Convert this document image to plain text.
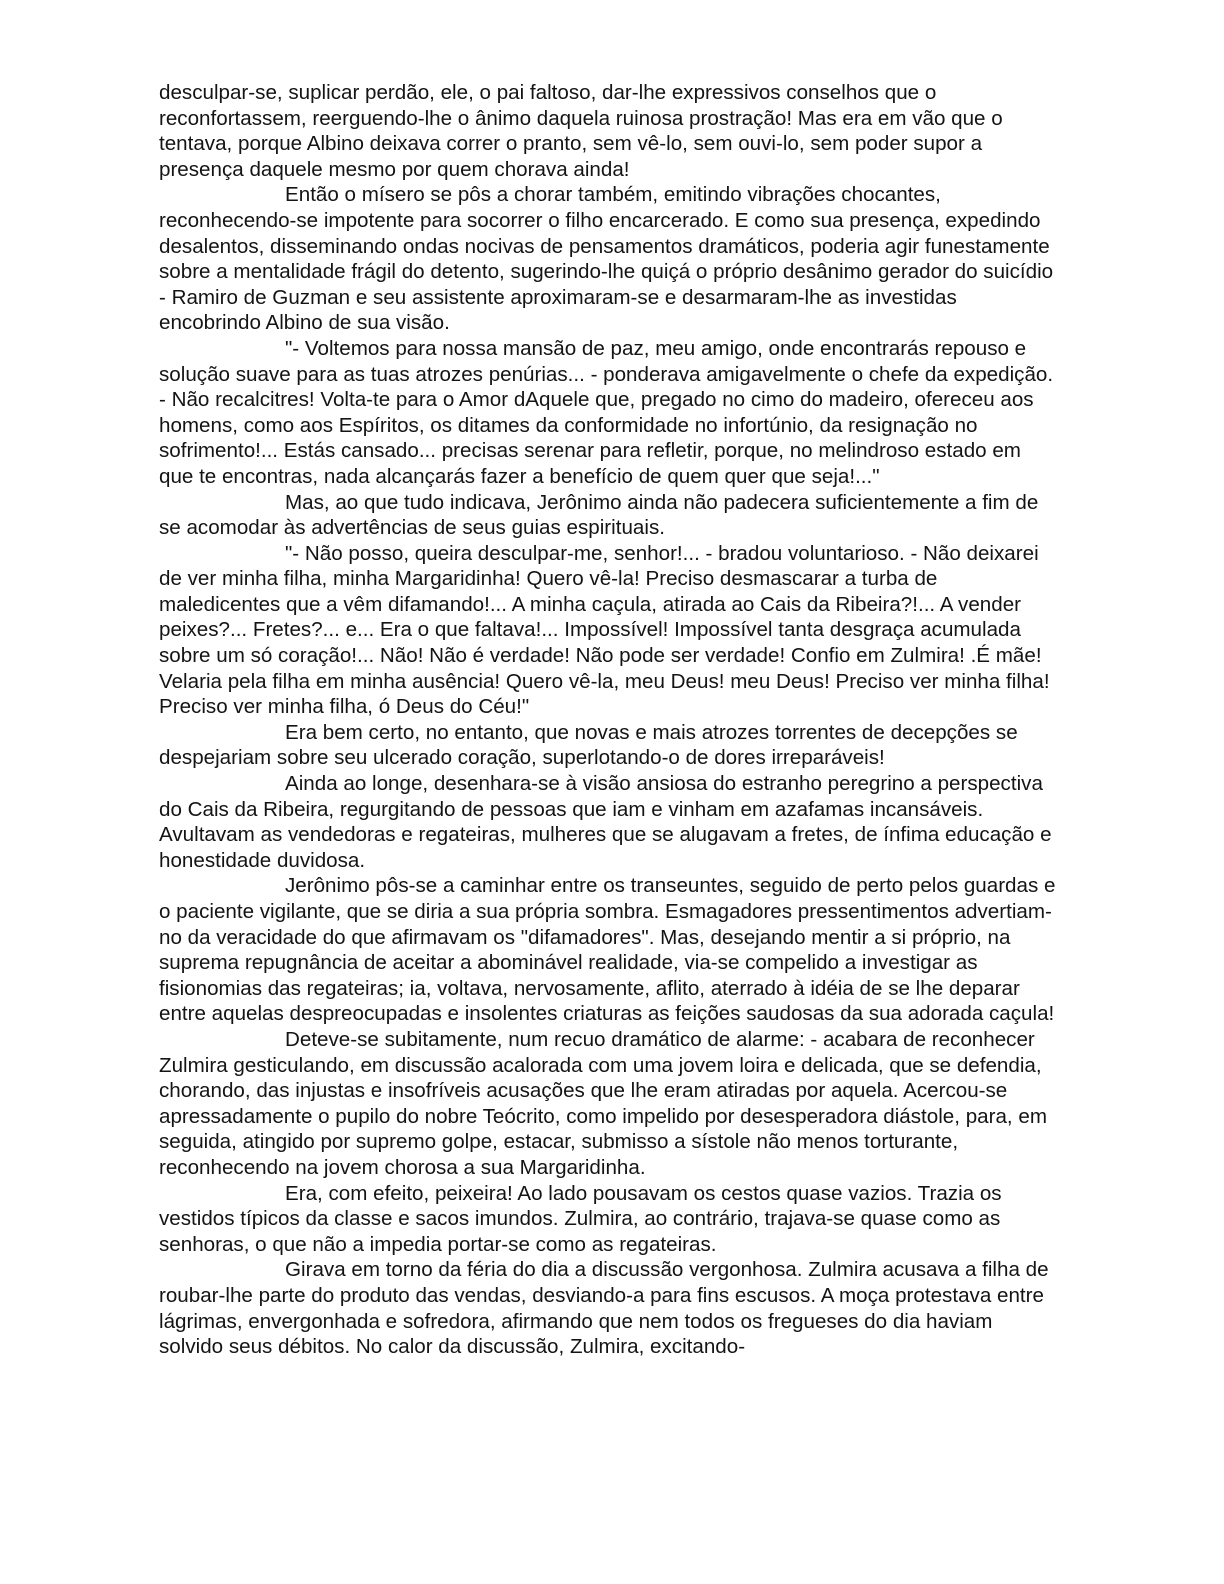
desculpar-se, suplicar perdão, ele, o pai faltoso, dar-lhe expressivos conselhos que o reconfortassem, reerguendo-lhe o ânimo daquela ruinosa prostração! Mas era em vão que o tentava, porque Albino deixava correr o pranto, sem vê-lo, sem ouvi-lo, sem poder supor a presença daquele mesmo por quem chorava ainda!

Então o mísero se pôs a chorar também, emitindo vibrações chocantes, reconhecendo-se impotente para socorrer o filho encarcerado. E como sua presença, expedindo desalentos, disseminando ondas nocivas de pensamentos dramáticos, poderia agir funestamente sobre a mentalidade frágil do detento, sugerindo-lhe quiçá o próprio desânimo gerador do suicídio - Ramiro de Guzman e seu assistente aproximaram-se e desarmaram-lhe as investidas encobrindo Albino de sua visão.

"- Voltemos para nossa mansão de paz, meu amigo, onde encontrarás repouso e solução suave para as tuas atrozes penúrias... - ponderava amigavelmente o chefe da expedição. - Não recalcitres! Volta-te para o Amor dAquele que, pregado no cimo do madeiro, ofereceu aos homens, como aos Espíritos, os ditames da conformidade no infortúnio, da resignação no sofrimento!... Estás cansado... precisas serenar para refletir, porque, no melindroso estado em que te encontras, nada alcançarás fazer a benefício de quem quer que seja!..."

Mas, ao que tudo indicava, Jerônimo ainda não padecera suficientemente a fim de se acomodar às advertências de seus guias espirituais.

"- Não posso, queira desculpar-me, senhor!... - bradou voluntarioso. - Não deixarei de ver minha filha, minha Margaridinha! Quero vê-la! Preciso desmascarar a turba de maledicentes que a vêm difamando!... A minha caçula, atirada ao Cais da Ribeira?!... A vender peixes?... Fretes?... e... Era o que faltava!... Impossível! Impossível tanta desgraça acumulada sobre um só coração!... Não! Não é verdade! Não pode ser verdade! Confio em Zulmira! .É mãe! Velaria pela filha em minha ausência! Quero vê-la, meu Deus! meu Deus! Preciso ver minha filha! Preciso ver minha filha, ó Deus do Céu!"

Era bem certo, no entanto, que novas e mais atrozes torrentes de decepções se despejariam sobre seu ulcerado coração, superlotando-o de dores irreparáveis!

Ainda ao longe, desenhara-se à visão ansiosa do estranho peregrino a perspectiva do Cais da Ribeira, regurgitando de pessoas que iam e vinham em azafamas incansáveis. Avultavam as vendedoras e regateiras, mulheres que se alugavam a fretes, de ínfima educação e honestidade duvidosa.

Jerônimo pôs-se a caminhar entre os transeuntes, seguido de perto pelos guardas e o paciente vigilante, que se diria a sua própria sombra. Esmagadores pressentimentos advertiam-no da veracidade do que afirmavam os "difamadores". Mas, desejando mentir a si próprio, na suprema repugnância de aceitar a abominável realidade, via-se compelido a investigar as fisionomias das regateiras; ia, voltava, nervosamente, aflito, aterrado à idéia de se lhe deparar entre aquelas despreocupadas e insolentes criaturas as feições saudosas da sua adorada caçula!

Deteve-se subitamente, num recuo dramático de alarme: - acabara de reconhecer Zulmira gesticulando, em discussão acalorada com uma jovem loira e delicada, que se defendia, chorando, das injustas e insofríveis acusações que lhe eram atiradas por aquela. Acercou-se apressadamente o pupilo do nobre Teócrito, como impelido por desesperadora diástole, para, em seguida, atingido por supremo golpe, estacar, submisso a sístole não menos torturante, reconhecendo na jovem chorosa a sua Margaridinha.

Era, com efeito, peixeira! Ao lado pousavam os cestos quase vazios. Trazia os vestidos típicos da classe e sacos imundos. Zulmira, ao contrário, trajava-se quase como as senhoras, o que não a impedia portar-se como as regateiras.

Girava em torno da féria do dia a discussão vergonhosa. Zulmira acusava a filha de roubar-lhe parte do produto das vendas, desviando-a para fins escusos. A moça protestava entre lágrimas, envergonhada e sofredora, afirmando que nem todos os fregueses do dia haviam solvido seus débitos. No calor da discussão, Zulmira, excitando-
